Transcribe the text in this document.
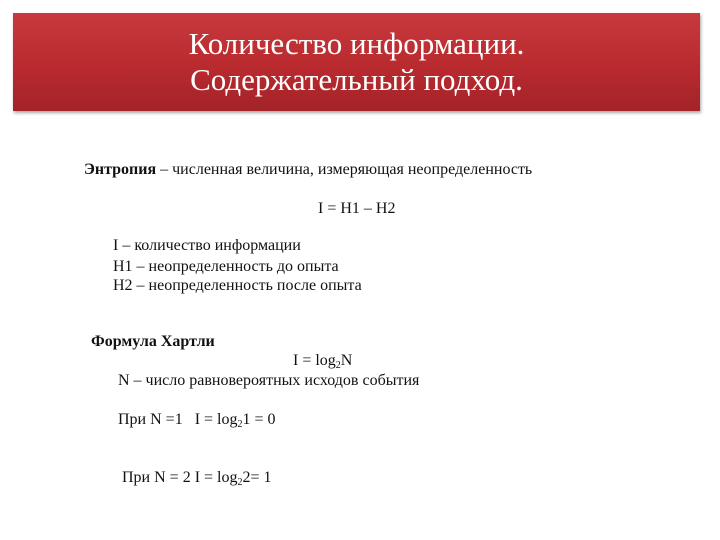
Количество информации.
Содержательный подход.
Энтропия – численная величина, измеряющая неопределенность
I = H1 – H2
I – количество информации
H1 – неопределенность до опыта
H2 – неопределенность после опыта
Формула Хартли
$I = \log_2N$
N – число равновероятных исходов события
При N =1   $I = \log_21 = 0$
При N = 2 $I = \log_22= 1$
